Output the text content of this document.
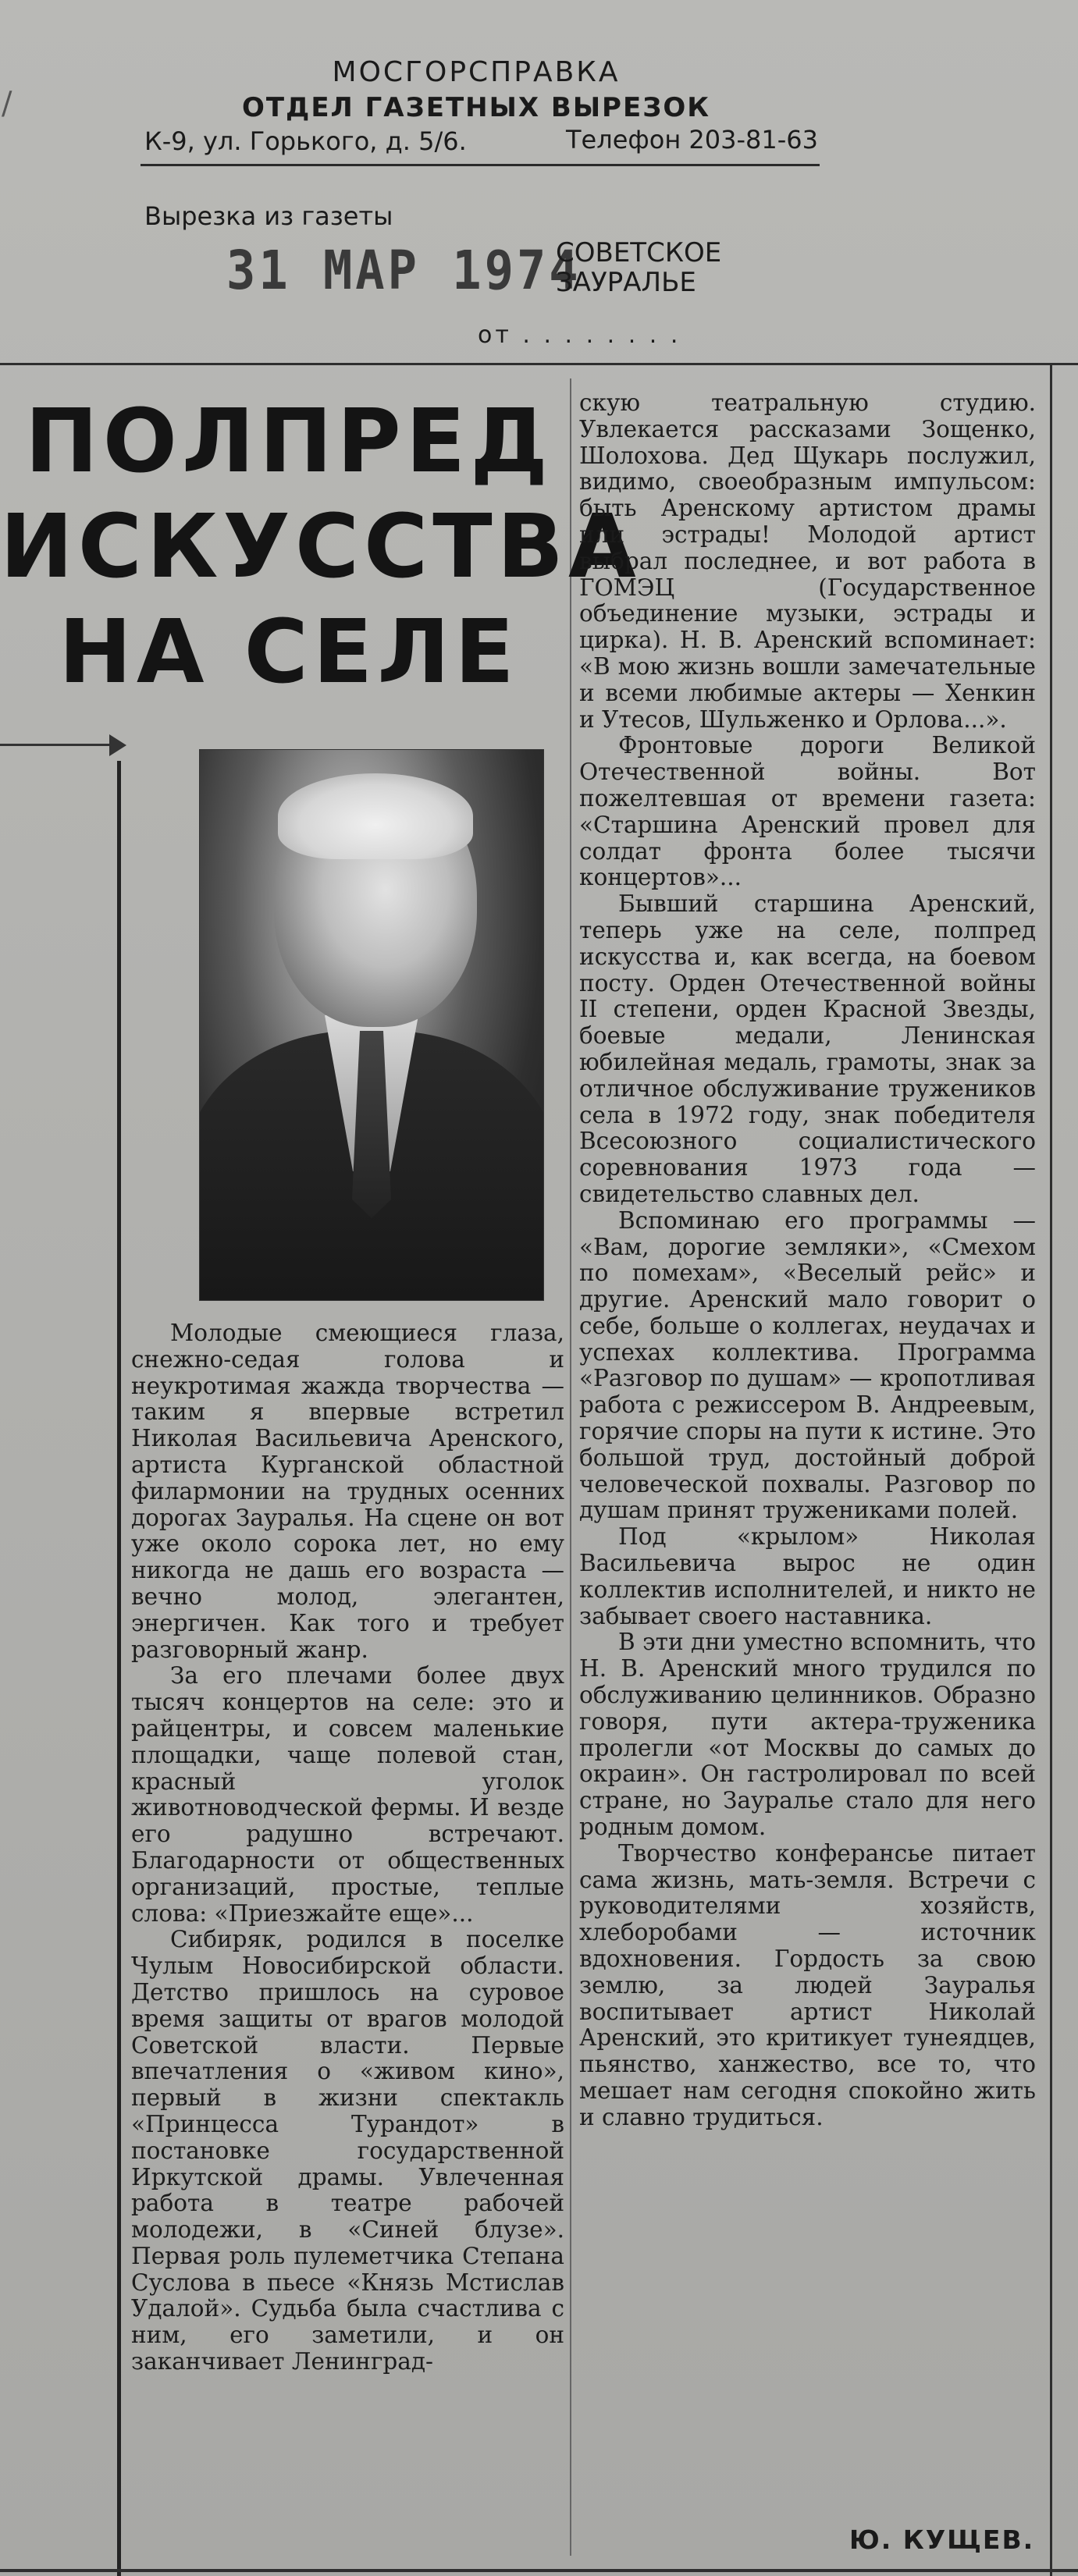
/
МОСГОРСПРАВКА
ОТДЕЛ ГАЗЕТНЫХ ВЫРЕЗОК
К-9, ул. Горького, д. 5/6.	Телефон 203-81-63
Вырезка из газеты
31 МАР 1974
СОВЕТСКОЕ
ЗАУРАЛЬЕ
от . . . . . . . .
ПОЛПРЕД
ИСКУССТВА
НА СЕЛЕ

Молодые смеющиеся глаза, снежно-седая голова и неукротимая жажда творчества — таким я впервые встретил Николая Васильевича Аренского, артиста Курганской областной филармонии на трудных осенних дорогах Зауралья. На сцене он вот уже около сорока лет, но ему никогда не дашь его возраста — вечно молод, элегантен, энергичен. Как того и требует разговорный жанр.

За его плечами более двух тысяч концертов на селе: это и райцентры, и совсем маленькие площадки, чаще полевой стан, красный уголок животноводческой фермы. И везде его радушно встречают. Благодарности от общественных организаций, простые, теплые слова: «Приезжайте еще»...

Сибиряк, родился в поселке Чулым Новосибирской области. Детство пришлось на суровое время защиты от врагов молодой Советской власти. Первые впечатления о «живом кино», первый в жизни спектакль «Принцесса Турандот» в постановке государственной Иркутской драмы. Увлеченная работа в театре рабочей молодежи, в «Синей блузе». Первая роль пулеметчика Степана Суслова в пьесе «Князь Мстислав Удалой». Судьба была счастлива с ним, его заметили, и он заканчивает Ленинград-

скую театральную студию. Увлекается рассказами Зощенко, Шолохова. Дед Щукарь послужил, видимо, своеобразным импульсом: быть Аренскому артистом драмы или эстрады! Молодой артист выбрал последнее, и вот работа в ГОМЭЦ (Государственное объединение музыки, эстрады и цирка). Н. В. Аренский вспоминает: «В мою жизнь вошли замечательные и всеми любимые актеры — Хенкин и Утесов, Шульженко и Орлова...».

Фронтовые дороги Великой Отечественной войны. Вот пожелтевшая от времени газета: «Старшина Аренский провел для солдат фронта более тысячи концертов»...

Бывший старшина Аренский, теперь уже на селе, полпред искусства и, как всегда, на боевом посту. Орден Отечественной войны II степени, орден Красной Звезды, боевые медали, Ленинская юбилейная медаль, грамоты, знак за отличное обслуживание тружеников села в 1972 году, знак победителя Всесоюзного социалистического соревнования 1973 года — свидетельство славных дел.

Вспоминаю его программы — «Вам, дорогие земляки», «Смехом по помехам», «Веселый рейс» и другие. Аренский мало говорит о себе, больше о коллегах, неудачах и успехах коллектива. Программа «Разговор по душам» — кропотливая работа с режиссером В. Андреевым, горячие споры на пути к истине. Это большой труд, достойный доброй человеческой похвалы. Разговор по душам принят тружениками полей.

Под «крылом» Николая Васильевича вырос не один коллектив исполнителей, и никто не забывает своего наставника.

В эти дни уместно вспомнить, что Н. В. Аренский много трудился по обслуживанию целинников. Образно говоря, пути актера-труженика пролегли «от Москвы до самых до окраин». Он гастролировал по всей стране, но Зауралье стало для него родным домом.

Творчество конферансье питает сама жизнь, мать-земля. Встречи с руководителями хозяйств, хлеборобами — источник вдохновения. Гордость за свою землю, за людей Зауралья воспитывает артист Николай Аренский, это критикует тунеядцев, пьянство, ханжество, все то, что мешает нам сегодня спокойно жить и славно трудиться.

Ю. КУЩЕВ.
